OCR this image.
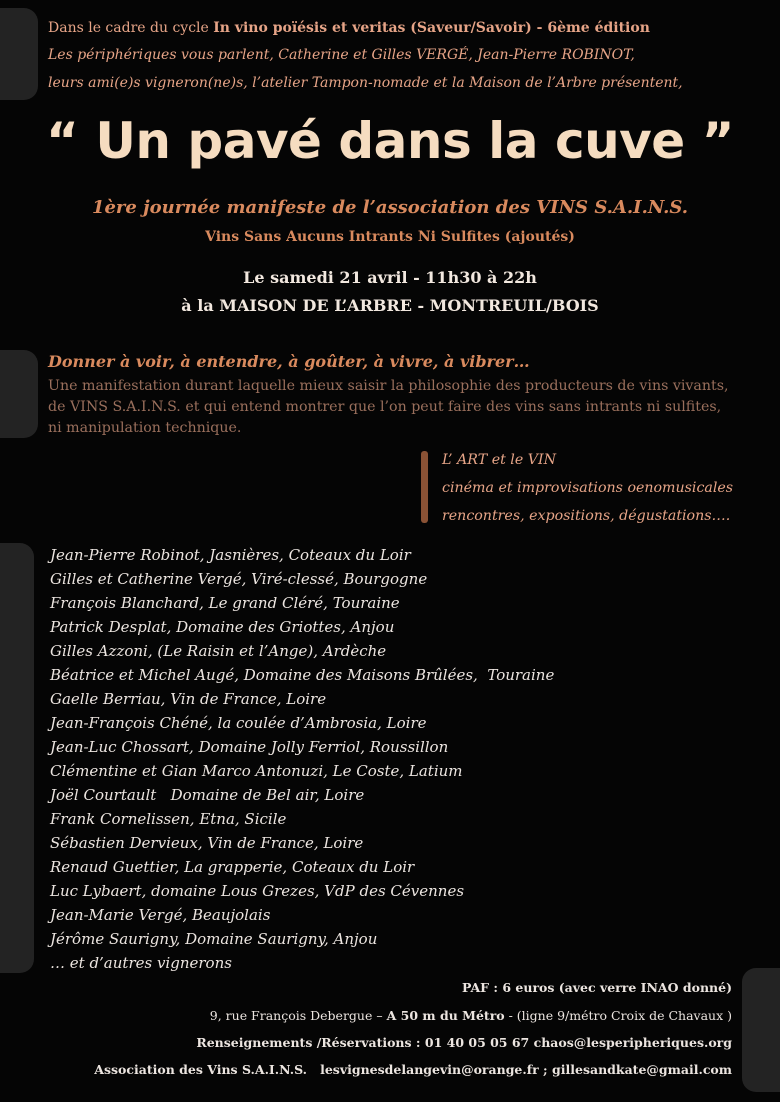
Dans le cadre du cycle In vino poïésis et veritas (Saveur/Savoir) - 6ème édition

Les périphériques vous parlent, Catherine et Gilles VERGÉ, Jean-Pierre ROBINOT,

leurs ami(e)s vigneron(ne)s, l’atelier Tampon-nomade et la Maison de l’Arbre présentent,

“ Un pavé dans la cuve ”
1ère journée manifeste de l’association des VINS S.A.I.N.S.

Vins Sans Aucuns Intrants Ni Sulfites (ajoutés)

Le samedi 21 avril - 11h30 à 22h

à la MAISON DE L’ARBRE - MONTREUIL/BOIS

Donner à voir, à entendre, à goûter, à vivre, à vibrer…

Une manifestation durant laquelle mieux saisir la philosophie des producteurs de vins vivants,
de VINS S.A.I.N.S. et qui entend montrer que l’on peut faire des vins sans intrants ni sulfites,
ni manipulation technique.

L’ ART et le VIN

cinéma et improvisations oenomusicales

rencontres, expositions, dégustations….

Jean-Pierre Robinot, Jasnières, Coteaux du Loir

Gilles et Catherine Vergé, Viré-clessé, Bourgogne

François Blanchard, Le grand Cléré, Touraine

Patrick Desplat, Domaine des Griottes, Anjou

Gilles Azzoni, (Le Raisin et l’Ange), Ardèche

Béatrice et Michel Augé, Domaine des Maisons Brûlées,  Touraine

Gaelle Berriau, Vin de France, Loire

Jean-François Chéné, la coulée d’Ambrosia, Loire

Jean-Luc Chossart, Domaine Jolly Ferriol, Roussillon

Clémentine et Gian Marco Antonuzi, Le Coste, Latium

Joël Courtault   Domaine de Bel air, Loire

Frank Cornelissen, Etna, Sicile

Sébastien Dervieux, Vin de France, Loire

Renaud Guettier, La grapperie, Coteaux du Loir

Luc Lybaert, domaine Lous Grezes, VdP des Cévennes

Jean-Marie Vergé, Beaujolais

Jérôme Saurigny, Domaine Saurigny, Anjou

… et d’autres vignerons

PAF : 6 euros (avec verre INAO donné)

9, rue François Debergue – A 50 m du Métro - (ligne 9/métro Croix de Chavaux )

Renseignements /Réservations : 01 40 05 05 67 chaos@lesperipheriques.org

Association des Vins S.A.I.N.S.   lesvignesdelangevin@orange.fr ; gillesandkate@gmail.com
